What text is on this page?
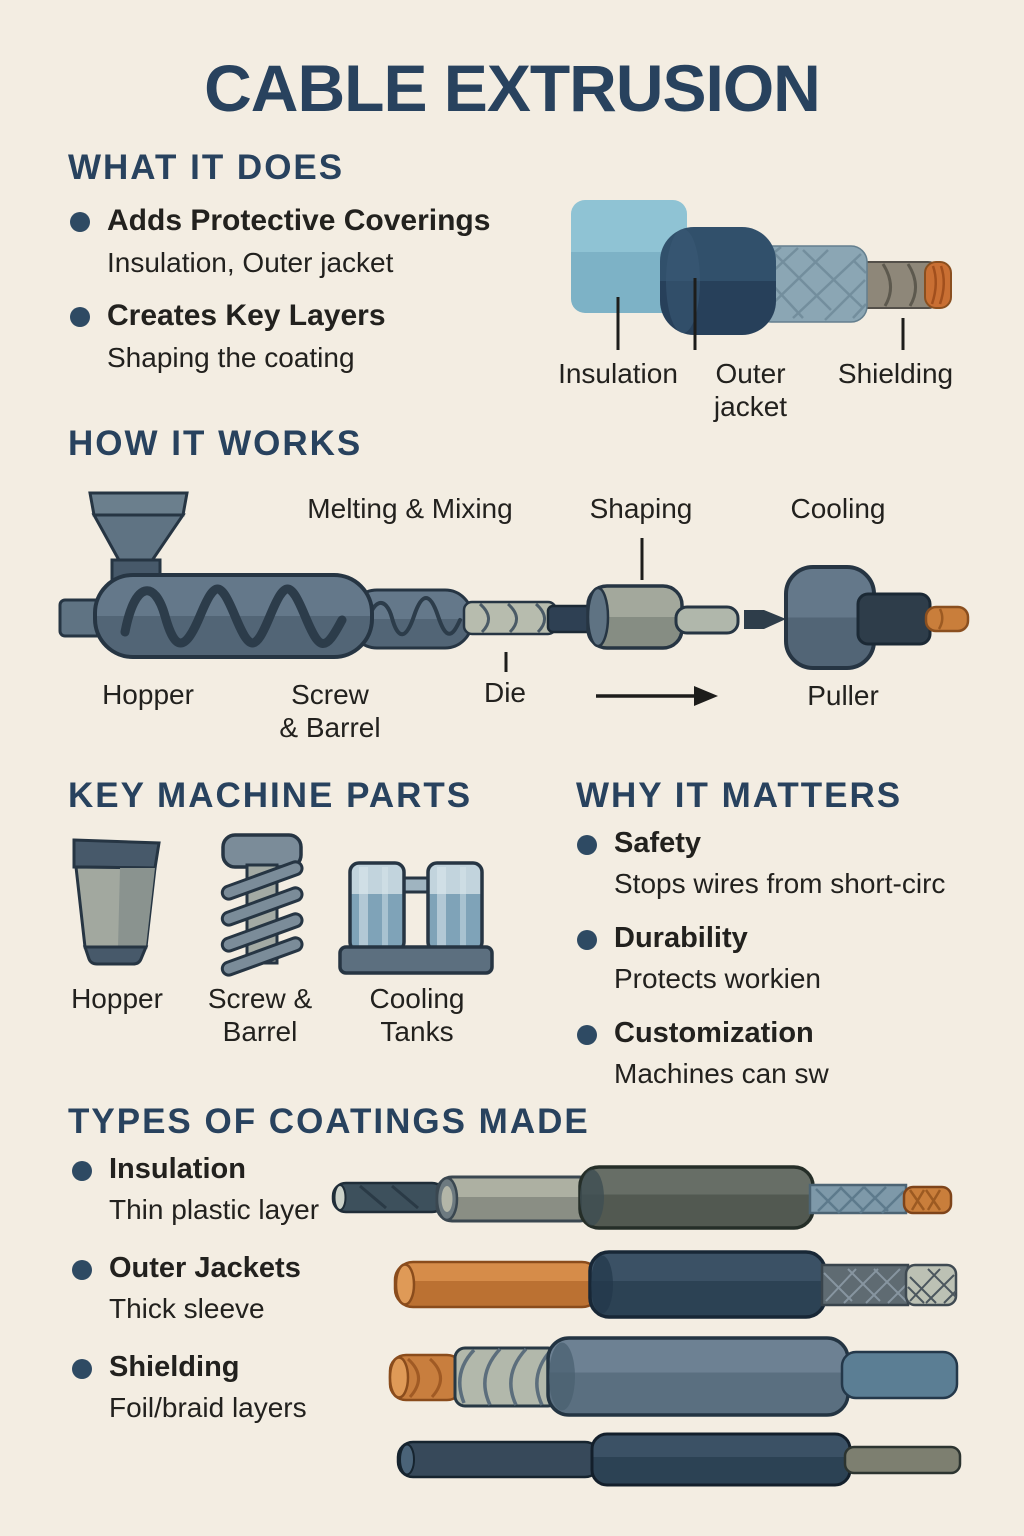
CABLE EXTRUSION
WHAT IT DOES
Adds Protective Coverings
Insulation, Outer jacket
Creates Key Layers
Shaping the coating
Insulation	Outer
jacket
Shielding
HOW IT WORKS
Melting & Mixing	Shaping	Cooling
Hopper	Screw
& Barrel
Die	Puller
KEY MACHINE PARTS
Hopper	Screw &
Barrel
Cooling
Tanks
WHY IT MATTERS
Safety
Stops wires from short-circ
Durability
Protects workien
Customization
Machines can sw
TYPES OF COATINGS MADE
Insulation
Thin plastic layer
Outer Jackets
Thick sleeve
Shielding
Foil/braid layers
